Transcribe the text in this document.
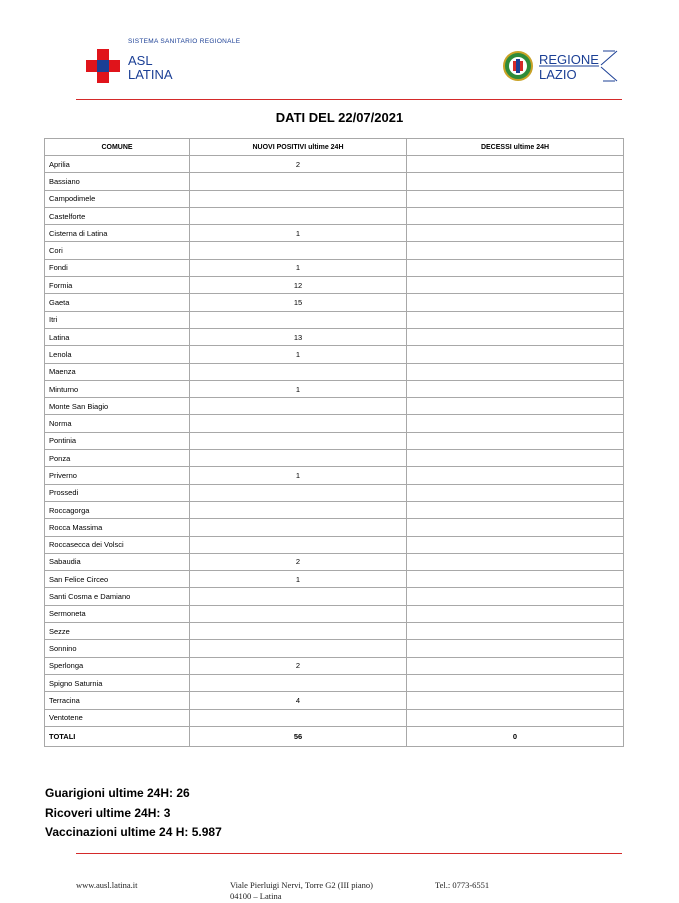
SISTEMA SANITARIO REGIONALE
ASL
LATINA
REGIONE
LAZIO
DATI DEL 22/07/2021
COMUNE	NUOVI POSITIVI ultime 24H	DECESSI ultime 24H
Aprilia	2	
Bassiano		
Campodimele		
Castelforte		
Cisterna di Latina	1	
Cori		
Fondi	1	
Formia	12	
Gaeta	15	
Itri		
Latina	13	
Lenola	1	
Maenza		
Minturno	1	
Monte San Biagio		
Norma		
Pontinia		
Ponza		
Priverno	1	
Prossedi		
Roccagorga		
Rocca Massima		
Roccasecca dei Volsci		
Sabaudia	2	
San Felice Circeo	1	
Santi Cosma e Damiano		
Sermoneta		
Sezze		
Sonnino		
Sperlonga	2	
Spigno Saturnia		
Terracina	4	
Ventotene		
TOTALI	56	0
Guarigioni ultime 24H: 26
Ricoveri ultime 24H: 3
Vaccinazioni ultime 24 H: 5.987
www.ausl.latina.it	Viale Pierluigi Nervi, Torre G2 (III piano)
04100 – Latina
Tel.: 0773-6551
